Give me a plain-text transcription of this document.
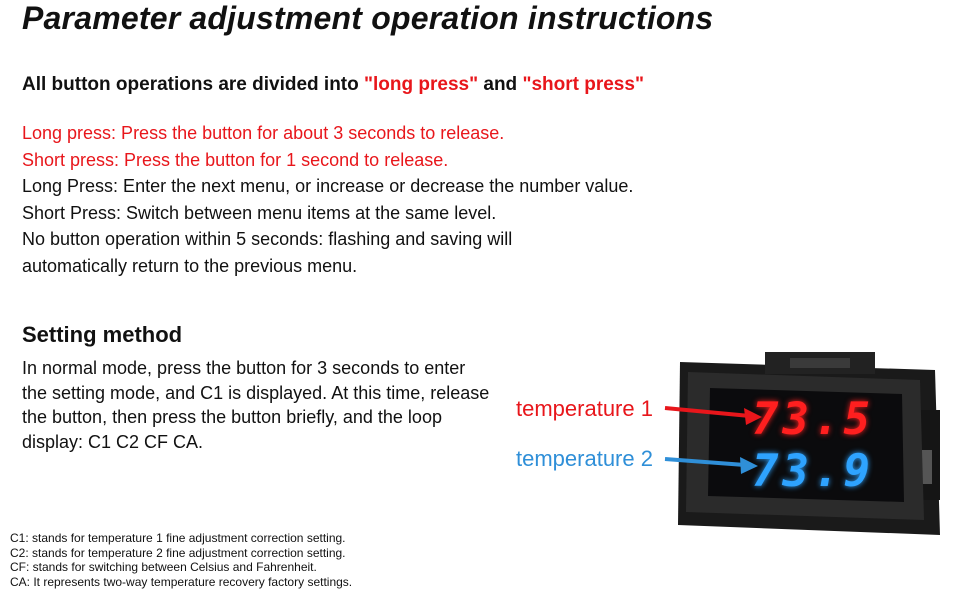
Parameter adjustment operation instructions

All button operations are divided into "long press" and "short press"

Long press: Press the button for about 3 seconds to release.
Short press: Press the button for 1 second to release.
Long Press: Enter the next menu, or increase or decrease the number value.
Short Press: Switch between menu items at the same level.
No button operation within 5 seconds: flashing and saving will
automatically return to the previous menu.
Setting method

In normal mode, press the button for 3 seconds to enter the setting mode, and C1 is displayed. At this time, release the button, then press the button briefly, and the loop display: C1 C2 CF CA.

temperature 1
temperature 2
73.5
73.9
C1: stands for temperature 1 fine adjustment correction setting.
C2: stands for temperature 2 fine adjustment correction setting.
CF: stands for switching between Celsius and Fahrenheit.
CA: It represents two-way temperature recovery factory settings.
